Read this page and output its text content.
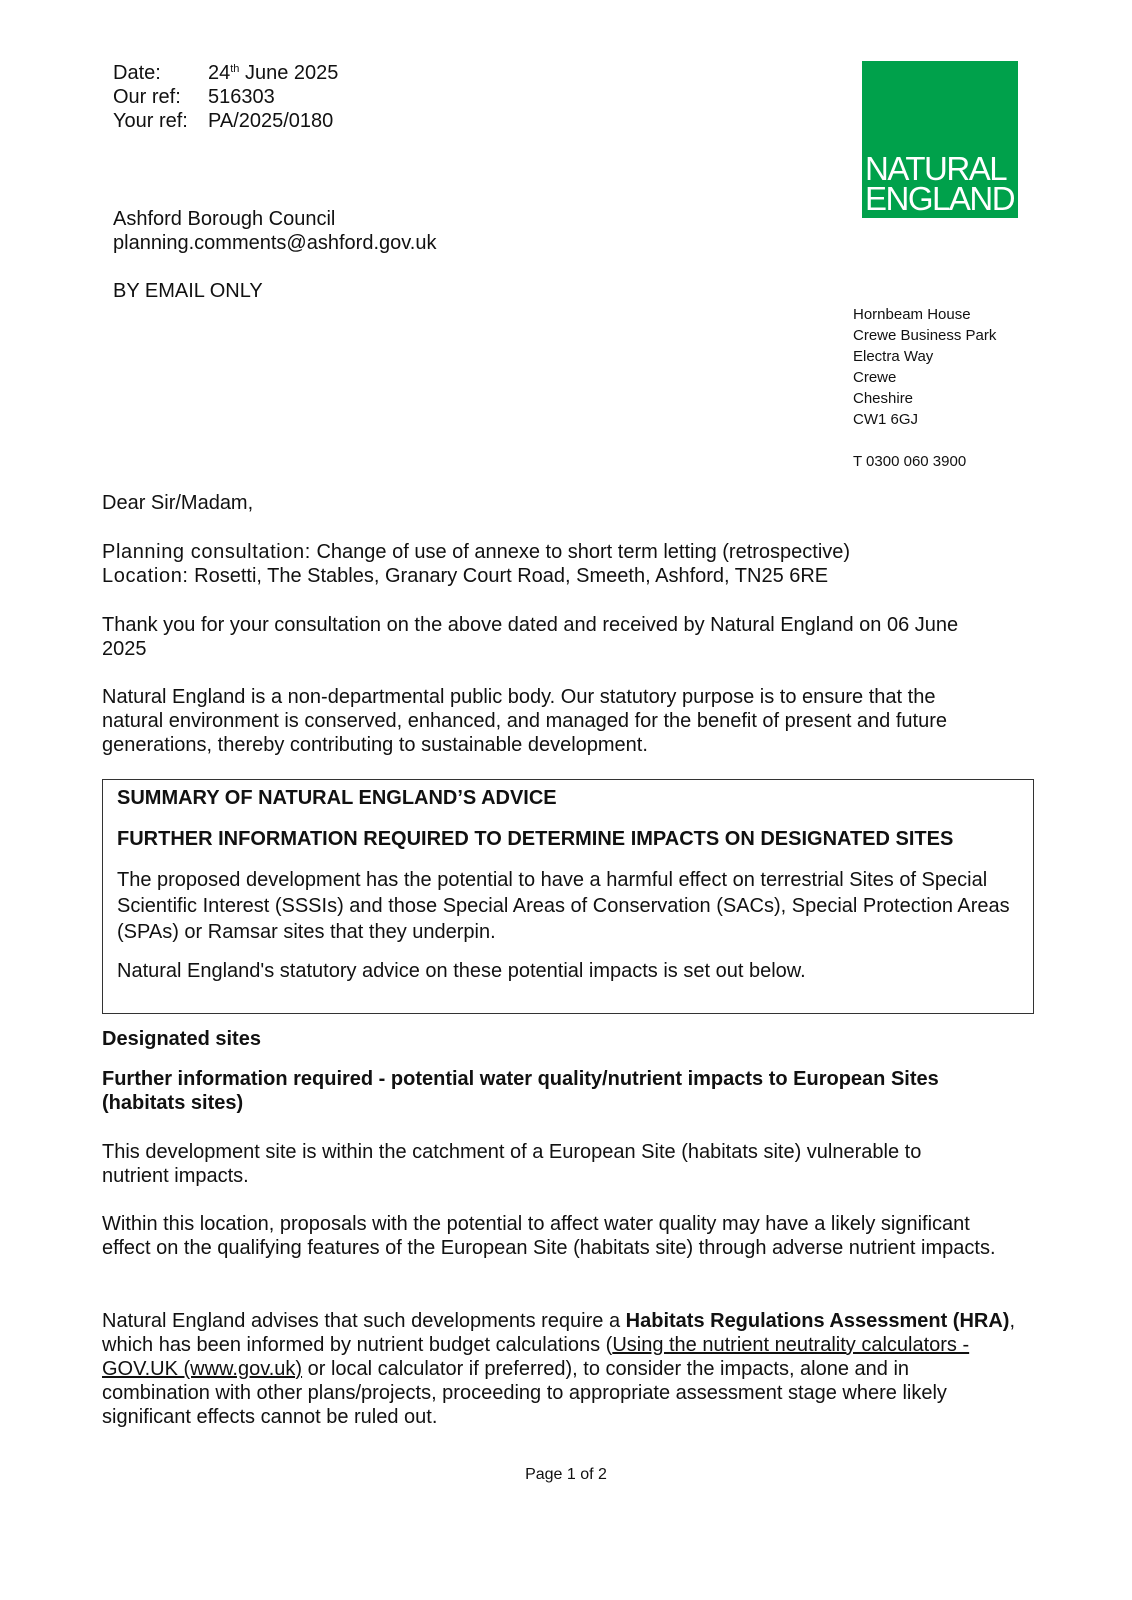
Date:	24th June 2025
Our ref:	516303
Your ref:	PA/2025/0180
NATURAL
ENGLAND
Ashford Borough Council
planning.comments@ashford.gov.uk
BY EMAIL ONLY
Hornbeam House
Crewe Business Park
Electra Way
Crewe
Cheshire
CW1 6GJ
T 0300 060 3900
Dear Sir/Madam,
Planning consultation: Change of use of annexe to short term letting (retrospective)
Location: Rosetti, The Stables, Granary Court Road, Smeeth, Ashford, TN25 6RE
Thank you for your consultation on the above dated and received by Natural England on 06 June 2025
Natural England is a non-departmental public body. Our statutory purpose is to ensure that the natural environment is conserved, enhanced, and managed for the benefit of present and future generations, thereby contributing to sustainable development.

SUMMARY OF NATURAL ENGLAND’S ADVICE

FURTHER INFORMATION REQUIRED TO DETERMINE IMPACTS ON DESIGNATED SITES

The proposed development has the potential to have a harmful effect on terrestrial Sites of Special Scientific Interest (SSSIs) and those Special Areas of Conservation (SACs), Special Protection Areas (SPAs) or Ramsar sites that they underpin.

Natural England's statutory advice on these potential impacts is set out below.

Designated sites
Further information required - potential water quality/nutrient impacts to European Sites (habitats sites)
This development site is within the catchment of a European Site (habitats site) vulnerable to nutrient impacts.
Within this location, proposals with the potential to affect water quality may have a likely significant effect on the qualifying features of the European Site (habitats site) through adverse nutrient impacts.
Natural England advises that such developments require a Habitats Regulations Assessment (HRA), which has been informed by nutrient budget calculations (Using the nutrient neutrality calculators - GOV.UK (www.gov.uk) or local calculator if preferred), to consider the impacts, alone and in combination with other plans/projects, proceeding to appropriate assessment stage where likely significant effects cannot be ruled out.
Page 1 of 2
